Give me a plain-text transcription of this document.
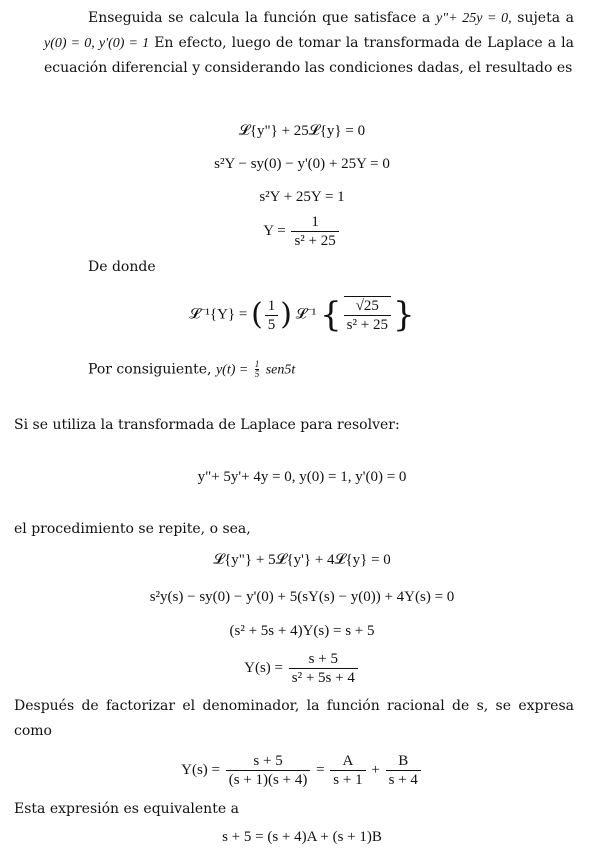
Enseguida se calcula la función que satisface a y"+ 25y = 0, sujeta a y(0) = 0, y'(0) = 1 En efecto, luego de tomar la transformada de Laplace a la ecuación diferencial y considerando las condiciones dadas, el resultado es
𝓛{y"} + 25𝓛{y} = 0
s²Y − sy(0) − y'(0) + 25Y = 0
s²Y + 25Y = 1
$Y = \frac{1}{\text{s² + 25}}$
De donde
𝓛⁻¹{Y} = ( $\frac{1}{5}$ ) 𝓛⁻¹ { $\frac{√25}{\text{s² + 25}}$ }
Por consiguiente, $y(t) = \frac{1}{5} sen5t$
Si se utiliza la transformada de Laplace para resolver:
y"+ 5y'+ 4y = 0, y(0) = 1, y'(0) = 0
el procedimiento se repite, o sea,
𝓛{y"} + 5𝓛{y'} + 4𝓛{y} = 0
s²y(s) − sy(0) − y'(0) + 5(sY(s) − y(0)) + 4Y(s) = 0
(s² + 5s + 4)Y(s) = s + 5
$Y(s) = \frac{s + 5}{\text{s² + 5s + 4}}$
Después de factorizar el denominador, la función racional de s, se expresa como
$Y(s) = \frac{s + 5}{(s + 1)(s + 4)} = \frac{A}{s + 1} + \frac{B}{s + 4}$
Esta expresión es equivalente a
s + 5 = (s + 4)A + (s + 1)B
